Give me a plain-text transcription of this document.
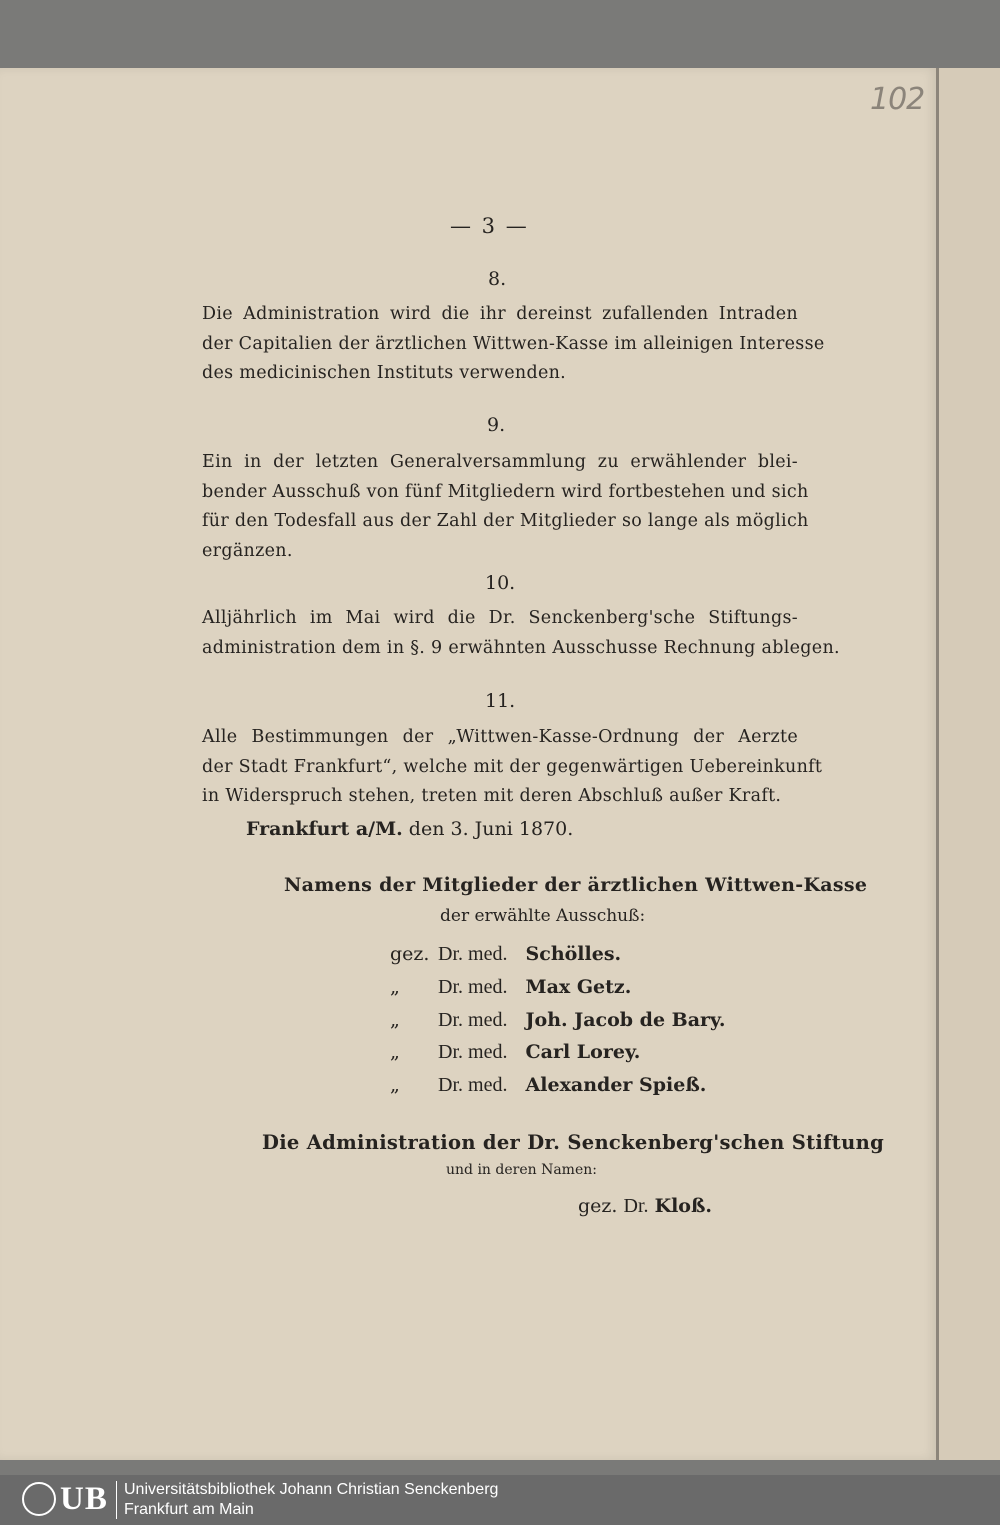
102
— 3 —
8.
Die Administration wird die ihr dereinst zufallenden Intraden
der Capitalien der ärztlichen Wittwen-Kasse im alleinigen Interesse
des medicinischen Instituts verwenden.
9.
Ein in der letzten Generalversammlung zu erwählender blei-
bender Ausschuß von fünf Mitgliedern wird fortbestehen und sich
für den Todesfall aus der Zahl der Mitglieder so lange als möglich
ergänzen.
10.
Alljährlich im Mai wird die Dr. Senckenberg'sche Stiftungs-
administration dem in §. 9 erwähnten Ausschusse Rechnung ablegen.
11.
Alle Bestimmungen der „Wittwen-Kasse-Ordnung der Aerzte
der Stadt Frankfurt“, welche mit der gegenwärtigen Uebereinkunft
in Widerspruch stehen, treten mit deren Abschluß außer Kraft.
Frankfurt a/M. den 3. Juni 1870.
Namens der Mitglieder der ärztlichen Wittwen-Kasse
der erwählte Ausschuß:
gez. Dr. med. Schölles.
„ Dr. med. Max Getz.
„ Dr. med. Joh. Jacob de Bary.
„ Dr. med. Carl Lorey.
„ Dr. med. Alexander Spieß.
Die Administration der Dr. Senckenberg'schen Stiftung
und in deren Namen:
gez. Dr. Kloß.
UB Universitätsbibliothek Johann Christian Senckenberg
Frankfurt am Main
